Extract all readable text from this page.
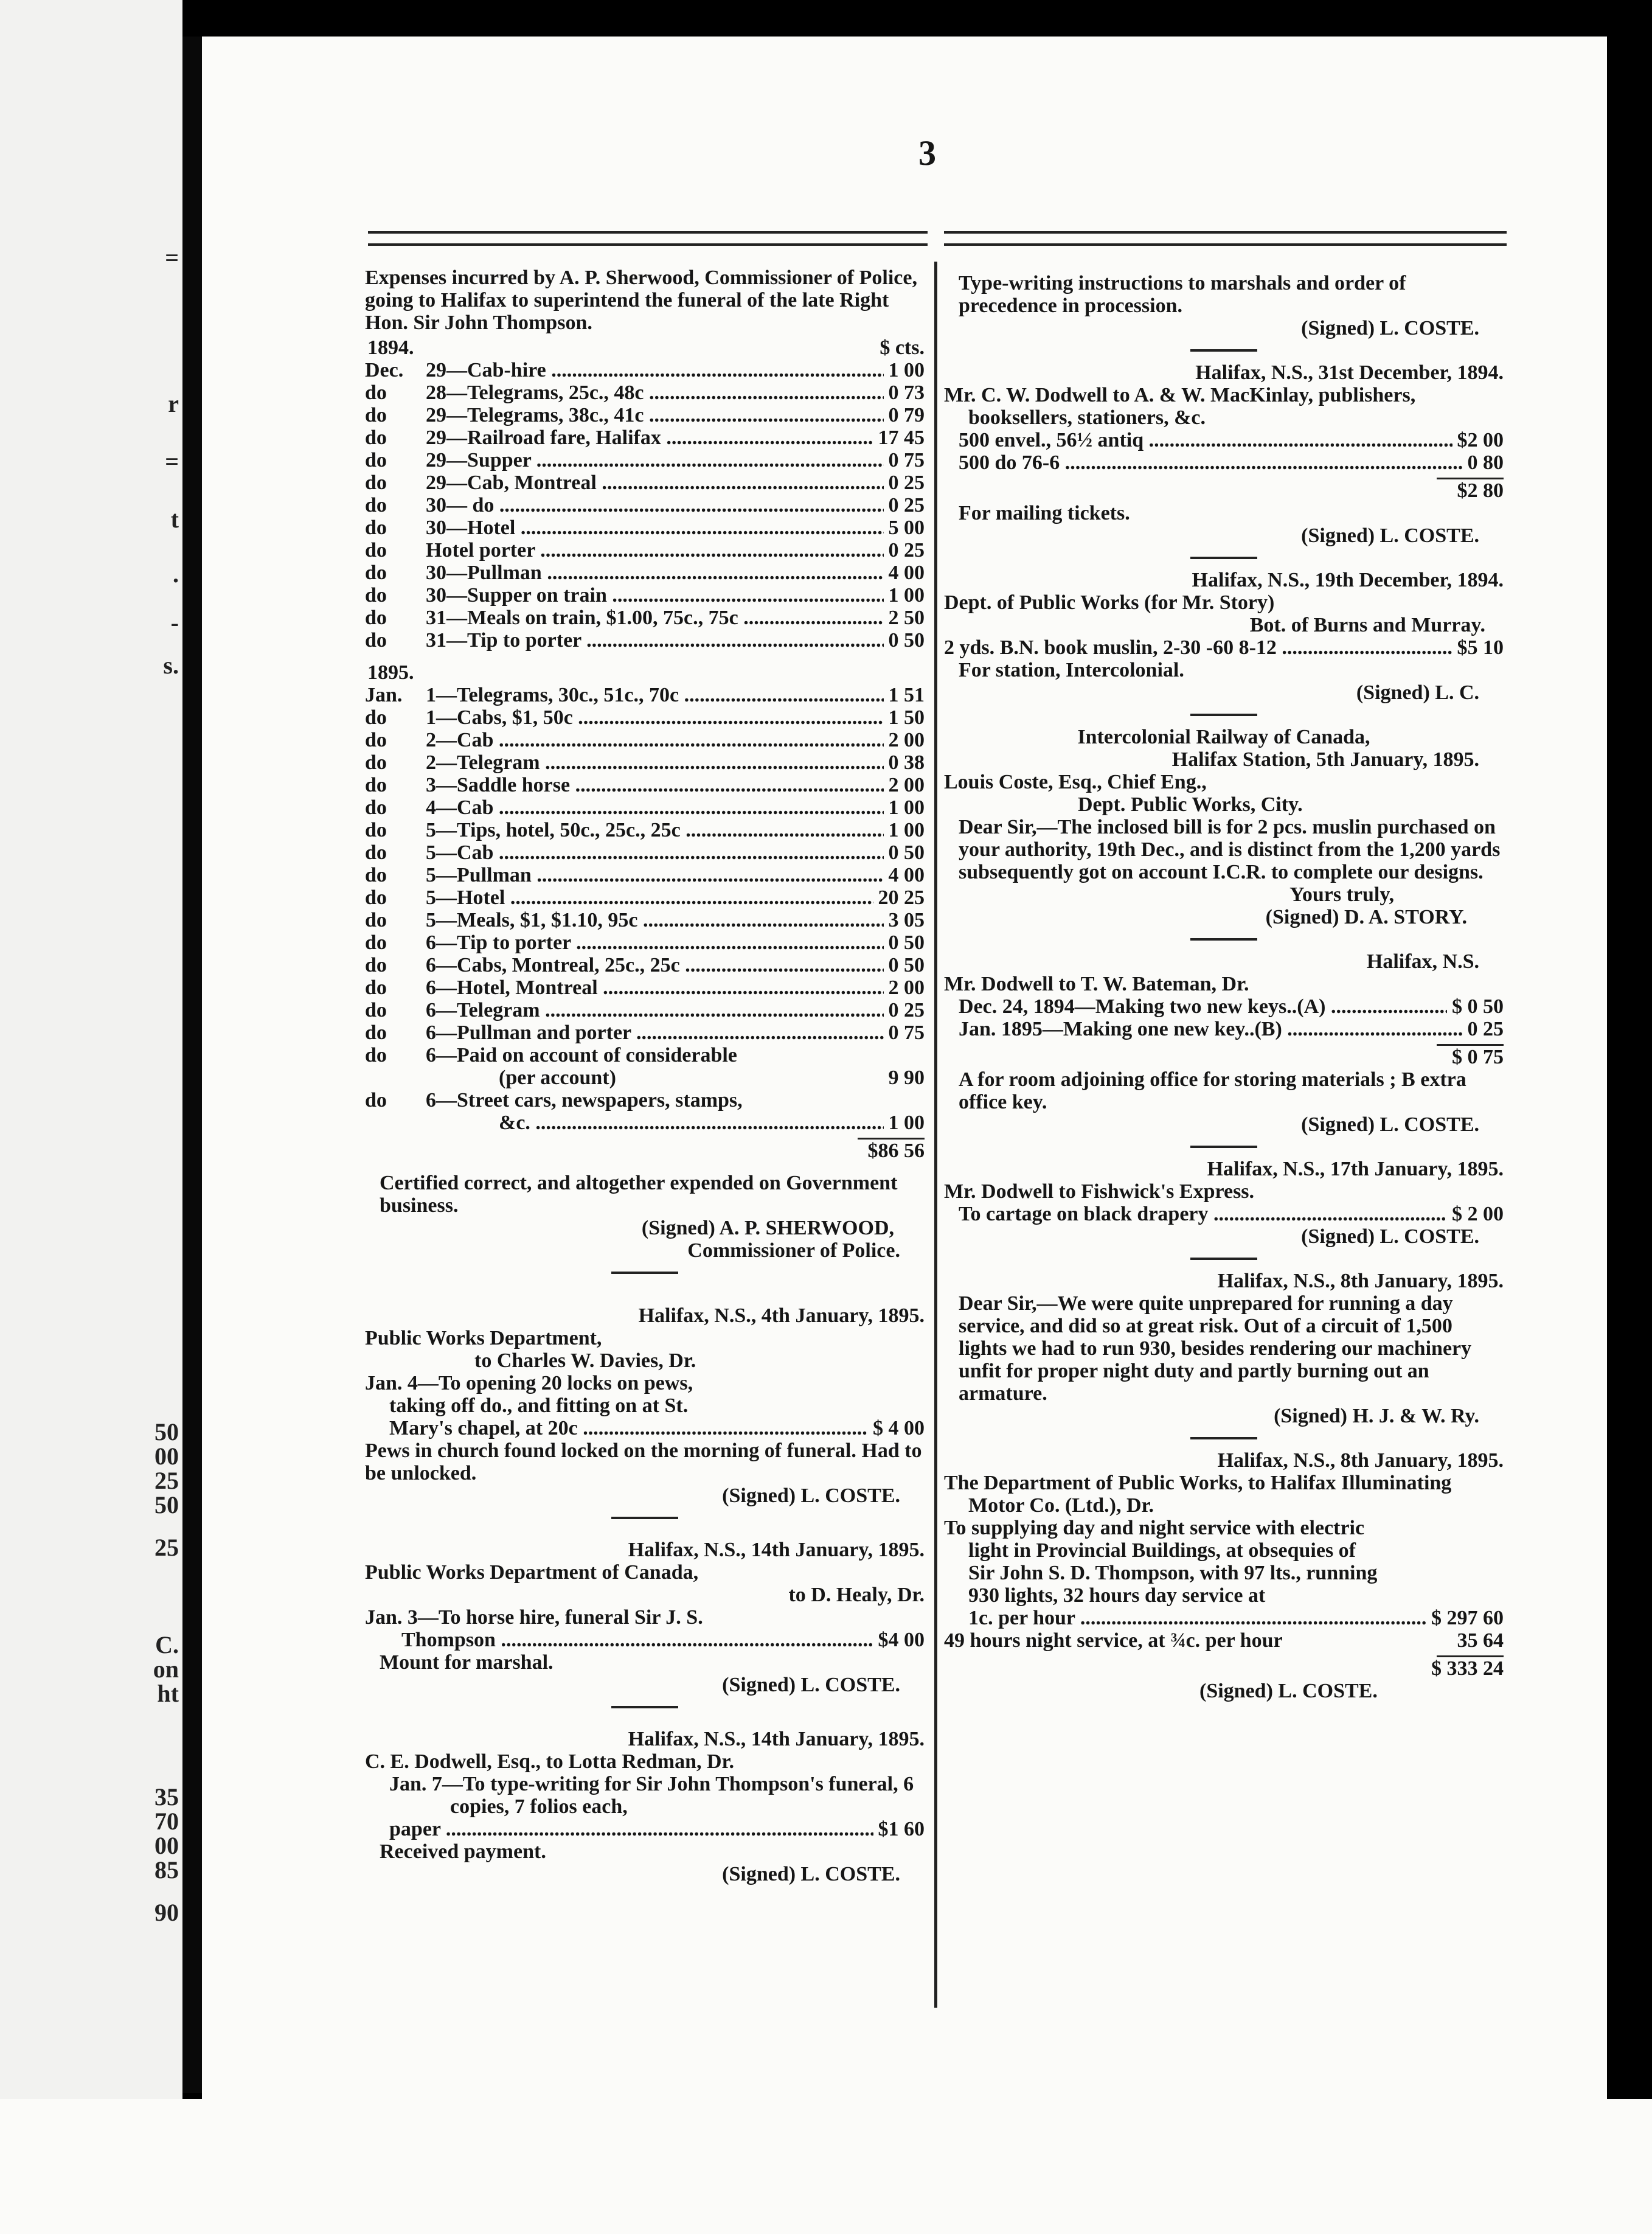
=
r
=
t
.
-
s.
50
00
25
50
25
C.
on
ht
35
70
00
85
90
3

Expenses incurred by A. P. Sherwood, Commissioner of Police, going to Halifax to superintend the funeral of the late Right Hon. Sir John Thompson.

1894.	$ cts.
Dec. 29—Cab-hire .....	1 00
do 28—Telegrams, 25c., 48c .....	0 73
do 29—Telegrams, 38c., 41c .....	0 79
do 29—Railroad fare, Halifax .....	17 45
do 29—Supper .....	0 75
do 29—Cab, Montreal .....	0 25
do 30— do .....	0 25
do 30—Hotel .....	5 00
do Hotel porter .....	0 25
do 30—Pullman .....	4 00
do 30—Supper on train .....	1 00
do 31—Meals on train, $1.00, 75c., 75c .....	2 50
do 31—Tip to porter .....	0 50
1895.
Jan. 1—Telegrams, 30c., 51c., 70c .....	1 51
do 1—Cabs, $1, 50c .....	1 50
do 2—Cab .....	2 00
do 2—Telegram .....	0 38
do 3—Saddle horse .....	2 00
do 4—Cab .....	1 00
do 5—Tips, hotel, 50c., 25c., 25c .....	1 00
do 5—Cab .....	0 50
do 5—Pullman .....	4 00
do 5—Hotel .....	20 25
do 5—Meals, $1, $1.10, 95c .....	3 05
do 6—Tip to porter .....	0 50
do 6—Cabs, Montreal, 25c., 25c .....	0 50
do 6—Hotel, Montreal .....	2 00
do 6—Telegram .....	0 25
do 6—Pullman and porter .....	0 75
do 6—Paid on account of considerable
(per account)	9 90
do 6—Street cars, newspapers, stamps,
&c. .....	1 00
$86 56

Certified correct, and altogether expended on Government business.

(Signed) A. P. SHERWOOD,

Commissioner of Police.

Halifax, N.S., 4th January, 1895.

Public Works Department,

to Charles W. Davies, Dr.

Jan. 4—To opening 20 locks on pews,

taking off do., and fitting on at St.

Mary's chapel, at 20c .....	$ 4 00

Pews in church found locked on the morning of funeral. Had to be unlocked.

(Signed) L. COSTE.

Halifax, N.S., 14th January, 1895.

Public Works Department of Canada,

to D. Healy, Dr.

Jan. 3—To horse hire, funeral Sir J. S.

Thompson .....	$4 00

Mount for marshal.

(Signed) L. COSTE.

Halifax, N.S., 14th January, 1895.

C. E. Dodwell, Esq., to Lotta Redman, Dr.

Jan. 7—To type-writing for Sir John Thompson's funeral, 6 copies, 7 folios each,

paper .....	$1 60

Received payment.

(Signed) L. COSTE.

Type-writing instructions to marshals and order of precedence in procession.

(Signed) L. COSTE.

Halifax, N.S., 31st December, 1894.

Mr. C. W. Dodwell to A. & W. MacKinlay, publishers, booksellers, stationers, &c.

500 envel., 56½ antiq .....	$2 00
500 do 76-6 .....	0 80
$2 80

For mailing tickets.

(Signed) L. COSTE.

Halifax, N.S., 19th December, 1894.

Dept. of Public Works (for Mr. Story)

Bot. of Burns and Murray.

2 yds. B.N. book muslin, 2-30 -60 8-12 .....	$5 10

For station, Intercolonial.

(Signed) L. C.

Intercolonial Railway of Canada,

Halifax Station, 5th January, 1895.

Louis Coste, Esq., Chief Eng.,

Dept. Public Works, City.

Dear Sir,—The inclosed bill is for 2 pcs. muslin purchased on your authority, 19th Dec., and is distinct from the 1,200 yards subsequently got on account I.C.R. to complete our designs.

Yours truly,

(Signed) D. A. STORY.

Halifax, N.S.

Mr. Dodwell to T. W. Bateman, Dr.

Dec. 24, 1894—Making two new keys..(A) .....	$ 0 50
Jan. 1895—Making one new key..(B) .....	0 25
$ 0 75

A for room adjoining office for storing materials ; B extra office key.

(Signed) L. COSTE.

Halifax, N.S., 17th January, 1895.

Mr. Dodwell to Fishwick's Express.

To cartage on black drapery .....	$ 2 00

(Signed) L. COSTE.

Halifax, N.S., 8th January, 1895.

Dear Sir,—We were quite unprepared for running a day service, and did so at great risk. Out of a circuit of 1,500 lights we had to run 930, besides rendering our machinery unfit for proper night duty and partly burning out an armature.

(Signed) H. J. & W. Ry.

Halifax, N.S., 8th January, 1895.

The Department of Public Works, to Halifax Illuminating Motor Co. (Ltd.), Dr.

To supplying day and night service with electric light in Provincial Buildings, at obsequies of Sir John S. D. Thompson, with 97 lts., running 930 lights, 32 hours day service at

1c. per hour .....	$ 297 60
49 hours night service, at ¾c. per hour	35 64
$ 333 24

(Signed) L. COSTE.
